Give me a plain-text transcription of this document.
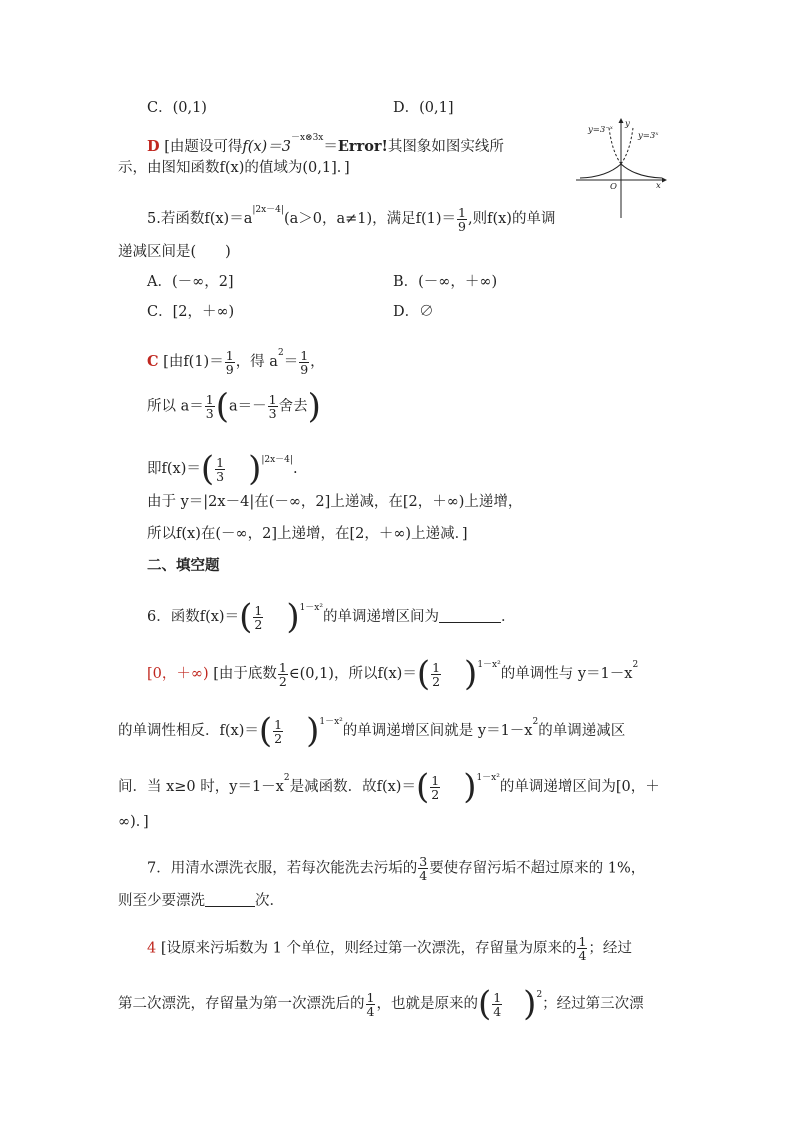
C．(0,1)	D．(0,1]
D [由题设可得$f(x)=3^{-x\otimes 3x}=Error$!其图象如图实线所
示，由图知函数f(x)的值域为(0,1]．]
y=3⁻ˣ
y=3ˣ
y
x
O
5.若函数$f(x)=a^{|2x-4|}(a>0$，a≠1)，满足$f(1)= \frac{1}{9}$ ,则f(x)的单调
递减区间是(　　)
A．(－∞，2]	B．(－∞，＋∞)
C．[2，＋∞)	D．∅
C [由$f(1)= \frac{1}{9}$ ，得 $a^2= \frac{1}{9}$ ，
所以 $a= \frac{1}{3} (a=- \frac{1}{3}$ 舍去)
即$f(x)=( \frac{1}{3} )^{|2x-4|}$.
由于 y＝|2x－4|在(－∞，2]上递减，在[2，＋∞)上递增，
所以f(x)在(－∞，2]上递增，在[2，＋∞)上递减．]
二、填空题
6．函数$f(x)=( \frac{1}{2} )^{1-x^2}$的单调递增区间为	．
[0，＋∞) [由于底数 $\frac{1}{2}$ ∈(0,1)，所以$f(x)=( \frac{1}{2} )^{1-x^2}$的单调性与 $y=1-x^2$
的单调性相反．$f(x)=( \frac{1}{2} )^{1-x^2}$的单调递增区间就是 $y=1-x^2$的单调递减区
间．当 x≥0 时，$y=1-x^2$是减函数．故$f(x)=( \frac{1}{2} )^{1-x^2}$的单调递增区间为[0，＋
∞)．]
7．用清水漂洗衣服，若每次能洗去污垢的 $\frac{3}{4}$ 要使存留污垢不超过原来的 1%，
则至少要漂洗	次．
4 [设原来污垢数为 1 个单位，则经过第一次漂洗，存留量为原来的 $\frac{1}{4}$ ；经过
第二次漂洗，存留量为第一次漂洗后的 $\frac{1}{4}$ ，也就是原来的( $\frac{1}{4} )^2$；经过第三次漂
